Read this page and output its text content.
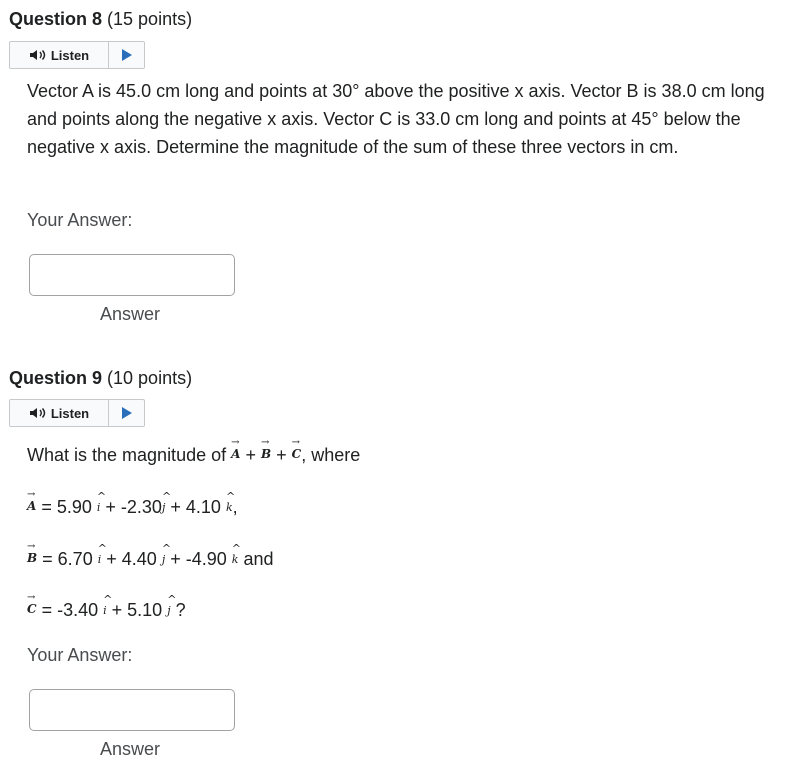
Question 8 (15 points)
Listen
Vector A is 45.0 cm long and points at 30° above the positive x axis. Vector B is 38.0 cm long and points along the negative x axis. Vector C is 33.0 cm long and points at 45° below the negative x axis. Determine the magnitude of the sum of these three vectors in cm.
Your Answer:
Answer
Question 9 (10 points)
Listen
What is the magnitude of
→
A +
→
B +
→
C, where
→
A = 5.90
^
i + -2.30
^
j + 4.10
^
k,
→
B = 6.70
^
i + 4.40
^
j + -4.90
^
k and
→
C = -3.40
^
i + 5.10
^
j ?
Your Answer:
Answer
